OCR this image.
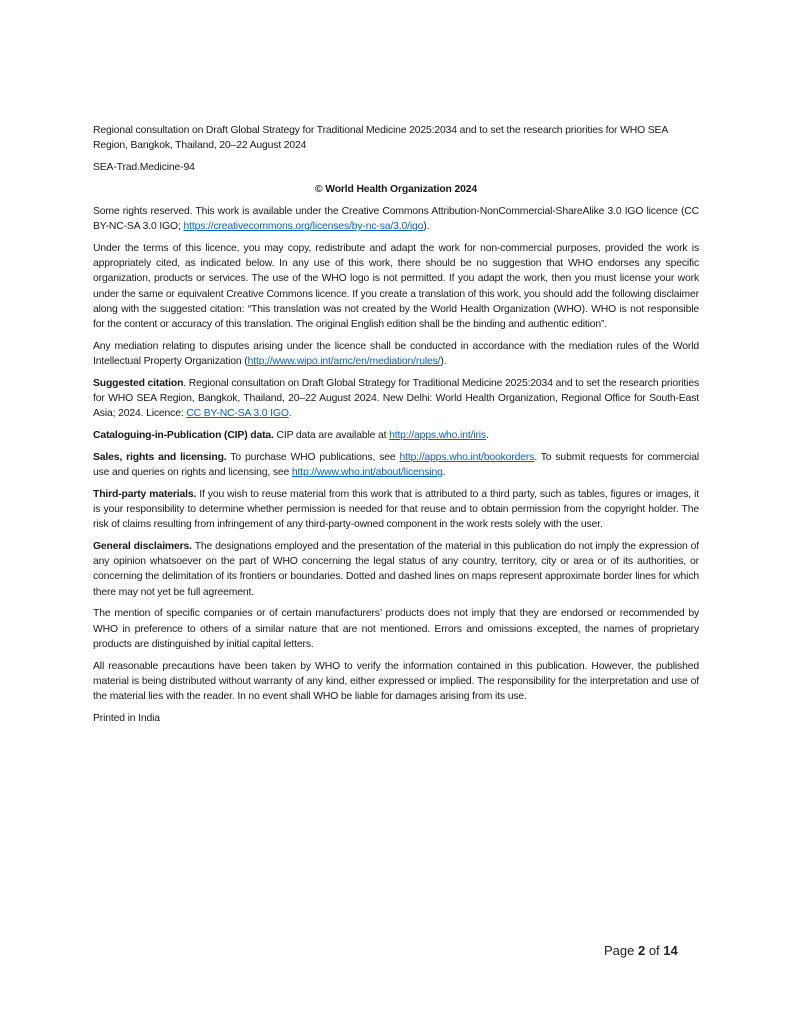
Regional consultation on Draft Global Strategy for Traditional Medicine 2025:2034 and to set the research priorities for WHO SEA Region, Bangkok, Thailand, 20–22 August 2024

SEA-Trad.Medicine-94

© World Health Organization 2024

Some rights reserved. This work is available under the Creative Commons Attribution-NonCommercial-ShareAlike 3.0 IGO licence (CC BY-NC-SA 3.0 IGO; https://creativecommons.org/licenses/by-nc-sa/3.0/igo).

Under the terms of this licence, you may copy, redistribute and adapt the work for non-commercial purposes, provided the work is appropriately cited, as indicated below. In any use of this work, there should be no suggestion that WHO endorses any specific organization, products or services. The use of the WHO logo is not permitted. If you adapt the work, then you must license your work under the same or equivalent Creative Commons licence. If you create a translation of this work, you should add the following disclaimer along with the suggested citation: “This translation was not created by the World Health Organization (WHO). WHO is not responsible for the content or accuracy of this translation. The original English edition shall be the binding and authentic edition”.

Any mediation relating to disputes arising under the licence shall be conducted in accordance with the mediation rules of the World Intellectual Property Organization (http://www.wipo.int/amc/en/mediation/rules/).

Suggested citation. Regional consultation on Draft Global Strategy for Traditional Medicine 2025:2034 and to set the research priorities for WHO SEA Region, Bangkok, Thailand, 20–22 August 2024. New Delhi: World Health Organization, Regional Office for South-East Asia; 2024. Licence: CC BY-NC-SA 3.0 IGO.

Cataloguing-in-Publication (CIP) data. CIP data are available at http://apps.who.int/iris.

Sales, rights and licensing. To purchase WHO publications, see http://apps.who.int/bookorders. To submit requests for commercial use and queries on rights and licensing, see http://www.who.int/about/licensing.

Third-party materials. If you wish to reuse material from this work that is attributed to a third party, such as tables, figures or images, it is your responsibility to determine whether permission is needed for that reuse and to obtain permission from the copyright holder. The risk of claims resulting from infringement of any third-party-owned component in the work rests solely with the user.

General disclaimers. The designations employed and the presentation of the material in this publication do not imply the expression of any opinion whatsoever on the part of WHO concerning the legal status of any country, territory, city or area or of its authorities, or concerning the delimitation of its frontiers or boundaries. Dotted and dashed lines on maps represent approximate border lines for which there may not yet be full agreement.

The mention of specific companies or of certain manufacturers’ products does not imply that they are endorsed or recommended by WHO in preference to others of a similar nature that are not mentioned. Errors and omissions excepted, the names of proprietary products are distinguished by initial capital letters.

All reasonable precautions have been taken by WHO to verify the information contained in this publication. However, the published material is being distributed without warranty of any kind, either expressed or implied. The responsibility for the interpretation and use of the material lies with the reader. In no event shall WHO be liable for damages arising from its use.

Printed in India

Page 2 of 14
